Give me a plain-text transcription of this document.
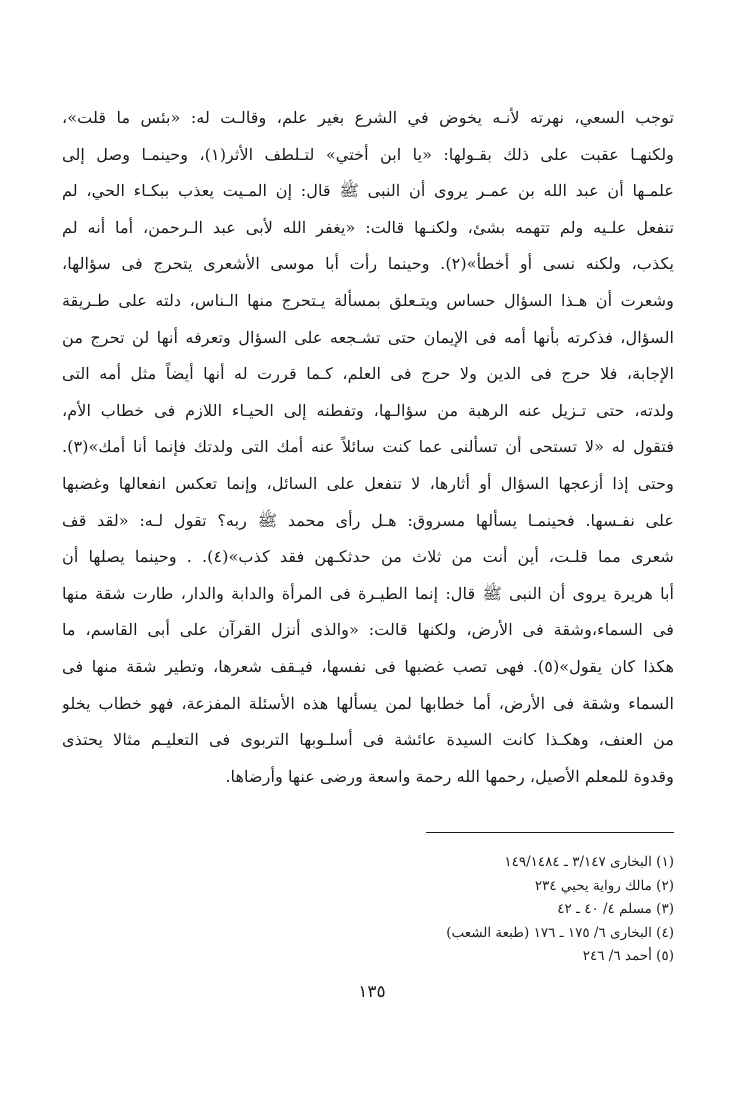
توجب السعي، نهرته لأنـه يخوض في الشرع بغير علم، وقالـت له: «بئس ما قلت»،
ولكنهـا عقبت على ذلك بقـولها: «يا ابن أختي» لتـلطف الأثر(١)، وحينمـا وصل إلى
علمـها أن عبد الله بن عمـر يروى أن النبى ﷺ قال: إن المـيت يعذب ببكـاء الحي، لم
تنفعل علـيه ولم تتهمه بشئ، ولكنـها قالت: «يغفر الله لأبى عبد الـرحمن، أما أنه لم
يكذب، ولكنه نسى أو أخطأ»(٢). وحينما رأت أبا موسى الأشعرى يتحرج فى سؤالها،
وشعرت أن هـذا السؤال حساس ويتـعلق بمسألة يـتحرج منها الـناس، دلته على طـريقة
السؤال، فذكرته بأنها أمه فى الإيمان حتى تشـجعه على السؤال وتعرفه أنها لن تحرج من
الإجابة، فلا حرج فى الدين ولا حرج فى العلم، كـما قررت له أنها أيضاً مثل أمه التى
ولدته، حتى تـزيل عنه الرهبة من سؤالـها، وتفطنه إلى الحيـاء اللازم فى خطاب الأم،
فتقول له «لا تستحى أن تسألنى عما كنت سائلاً عنه أمك التى ولدتك فإنما أنا أمك»(٣).
وحتى إذا أزعجها السؤال أو أثارها، لا تنفعل على السائل، وإنما تعكس انفعالها وغضبها
على نفـسها. فحينمـا يسألها مسروق: هـل رأى محمد ﷺ ربه؟ تقول لـه: «لقد قف
شعرى مما قلـت، أين أنت من ثلاث من حدثكـهن فقد كذب»(٤). . وحينما يصلها أن
أبا هريرة يروى أن النبى ﷺ قال: إنما الطيـرة فى المرأة والدابة والدار، طارت شقة منها
فى السماء،وشقة فى الأرض، ولكنها قالت: «والذى أنزل القرآن على أبى القاسم، ما
هكذا كان يقول»(٥). فهى تصب غضبها فى نفسها، فيـقف شعرها، وتطير شقة منها فى
السماء وشقة فى الأرض، أما خطابها لمن يسألها هذه الأسئلة المفزعة، فهو خطاب يخلو
من العنف، وهكـذا كانت السيدة عائشة فى أسلـوبها التربوى فى التعليـم مثالا يحتذى
وقدوة للمعلم الأصيل، رحمها الله رحمة واسعة ورضى عنها وأرضاها.
(١) البخارى ٣/١٤٧ ـ ١٤٩/١٤٨٤
(٢) مالك رواية يحيي ٢٣٤
(٣) مسلم ٤/ ٤٠ ـ ٤٢
(٤) البخارى ٦/ ١٧٥ ـ ١٧٦ (طبعة الشعب)
(٥) أحمد ٦/ ٢٤٦
١٣٥
